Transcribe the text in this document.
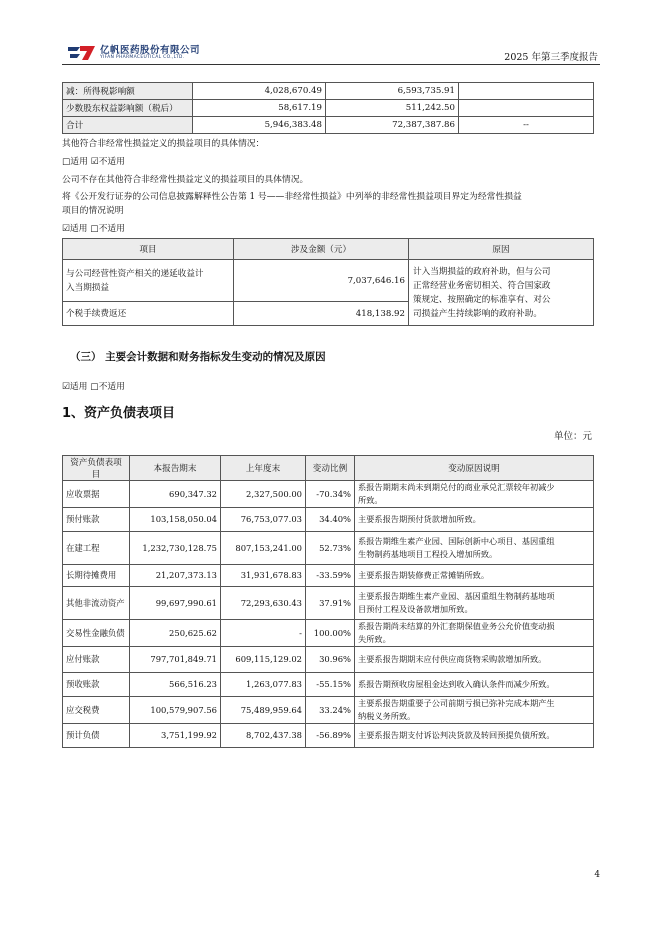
亿帆医药股份有限公司
YIFAN PHARMACEUTICAL CO.,LTD.	2025 年第三季度报告
减：所得税影响额	4,028,670.49	6,593,735.91	
少数股东权益影响额（税后）	58,617.19	511,242.50	
合计	5,946,383.48	72,387,387.86	--
其他符合非经常性损益定义的损益项目的具体情况：
□适用 ☑不适用
公司不存在其他符合非经常性损益定义的损益项目的具体情况。
将《公开发行证券的公司信息披露解释性公告第 1 号——非经常性损益》中列举的非经常性损益项目界定为经常性损益
项目的情况说明
☑适用 □不适用
项目	涉及金额（元）	原因
与公司经营性资产相关的递延收益计
入当期损益	7,037,646.16	计入当期损益的政府补助，但与公司
正常经营业务密切相关、符合国家政
策规定、按照确定的标准享有、对公
司损益产生持续影响的政府补助。
个税手续费返还	418,138.92	
（三） 主要会计数据和财务指标发生变动的情况及原因
☑适用 □不适用
1、资产负债表项目
单位：元
资产负债表项目	本报告期末	上年度末	变动比例	变动原因说明
应收票据	690,347.32	2,327,500.00	-70.34%	系报告期期末尚未到期兑付的商业承兑汇票较年初减少
所致。
预付账款	103,158,050.04	76,753,077.03	34.40%	主要系报告期预付货款增加所致。
在建工程	1,232,730,128.75	807,153,241.00	52.73%	系报告期维生素产业园、国际创新中心项目、基因重组
生物制药基地项目工程投入增加所致。
长期待摊费用	21,207,373.13	31,931,678.83	-33.59%	主要系报告期装修费正常摊销所致。
其他非流动资产	99,697,990.61	72,293,630.43	37.91%	主要系报告期维生素产业园、基因重组生物制药基地项
目预付工程及设备款增加所致。
交易性金融负债	250,625.62	-	100.00%	系报告期尚未结算的外汇套期保值业务公允价值变动损
失所致。
应付账款	797,701,849.71	609,115,129.02	30.96%	主要系报告期期末应付供应商货物采购款增加所致。
预收账款	566,516.23	1,263,077.83	-55.15%	系报告期预收房屋租金达到收入确认条件而减少所致。
应交税费	100,579,907.56	75,489,959.64	33.24%	主要系报告期重要子公司前期亏损已弥补完成本期产生
纳税义务所致。
预计负债	3,751,199.92	8,702,437.38	-56.89%	主要系报告期支付诉讼判决货款及转回预提负债所致。
4
